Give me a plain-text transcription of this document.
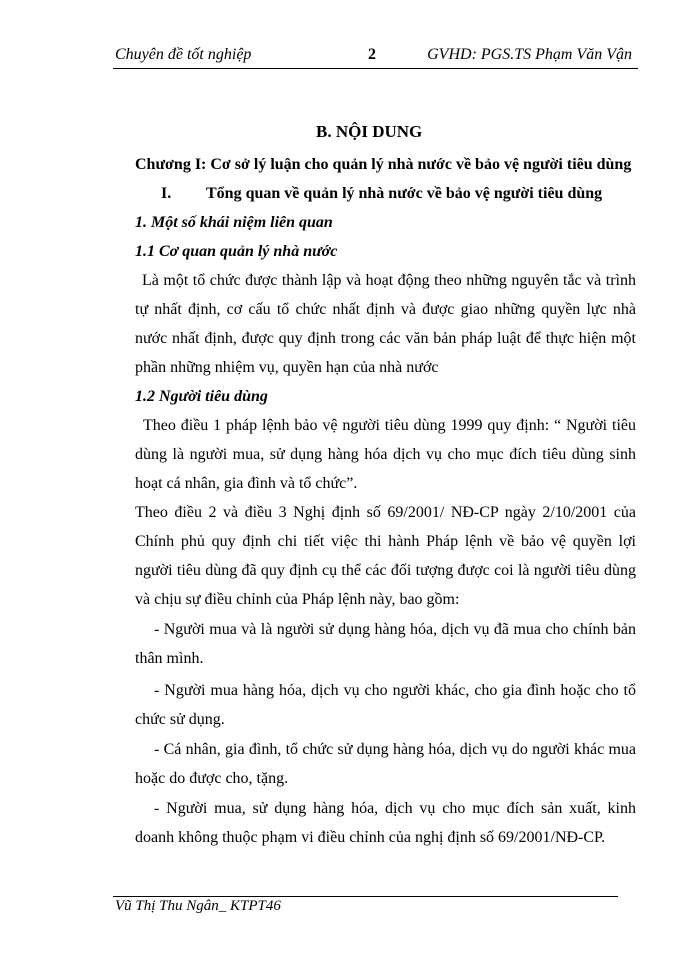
Chuyên đề tốt nghiệp	2	GVHD: PGS.TS Phạm Văn Vận
B. NỘI DUNG
Chương I: Cơ sở lý luận cho quản lý nhà nước về bảo vệ người tiêu dùng
I. Tổng quan về quản lý nhà nước về bảo vệ người tiêu dùng
1. Một số khái niệm liên quan
1.1 Cơ quan quản lý nhà nước
Là một tổ chức được thành lập và hoạt động theo những nguyên tắc và trình
tự nhất định, cơ cấu tổ chức nhất định và được giao những quyền lực nhà
nước nhất định, được quy định trong các văn bản pháp luật để thực hiện một
phần những nhiệm vụ, quyền hạn của nhà nước
1.2 Người tiêu dùng
Theo điều 1 pháp lệnh bảo vệ người tiêu dùng 1999 quy định: “ Người tiêu
dùng là người mua, sử dụng hàng hóa dịch vụ cho mục đích tiêu dùng sinh
hoạt cá nhân, gia đình và tổ chức”.
Theo điều 2 và điều 3 Nghị định số 69/2001/ NĐ-CP ngày 2/10/2001 của
Chính phủ quy định chi tiết việc thi hành Pháp lệnh về bảo vệ quyền lợi
người tiêu dùng đã quy định cụ thể các đối tượng được coi là người tiêu dùng
và chịu sự điều chỉnh của Pháp lệnh này, bao gồm:
- Người mua và là người sử dụng hàng hóa, dịch vụ đã mua cho chính bản
thân mình.
- Người mua hàng hóa, dịch vụ cho người khác, cho gia đình hoặc cho tổ
chức sử dụng.
- Cá nhân, gia đình, tổ chức sử dụng hàng hóa, dịch vụ do người khác mua
hoặc do được cho, tặng.
- Người mua, sử dụng hàng hóa, dịch vụ cho mục đích sản xuất, kinh
doanh không thuộc phạm vi điều chỉnh của nghị định số 69/2001/NĐ-CP.
Vũ Thị Thu Ngân_ KTPT46
